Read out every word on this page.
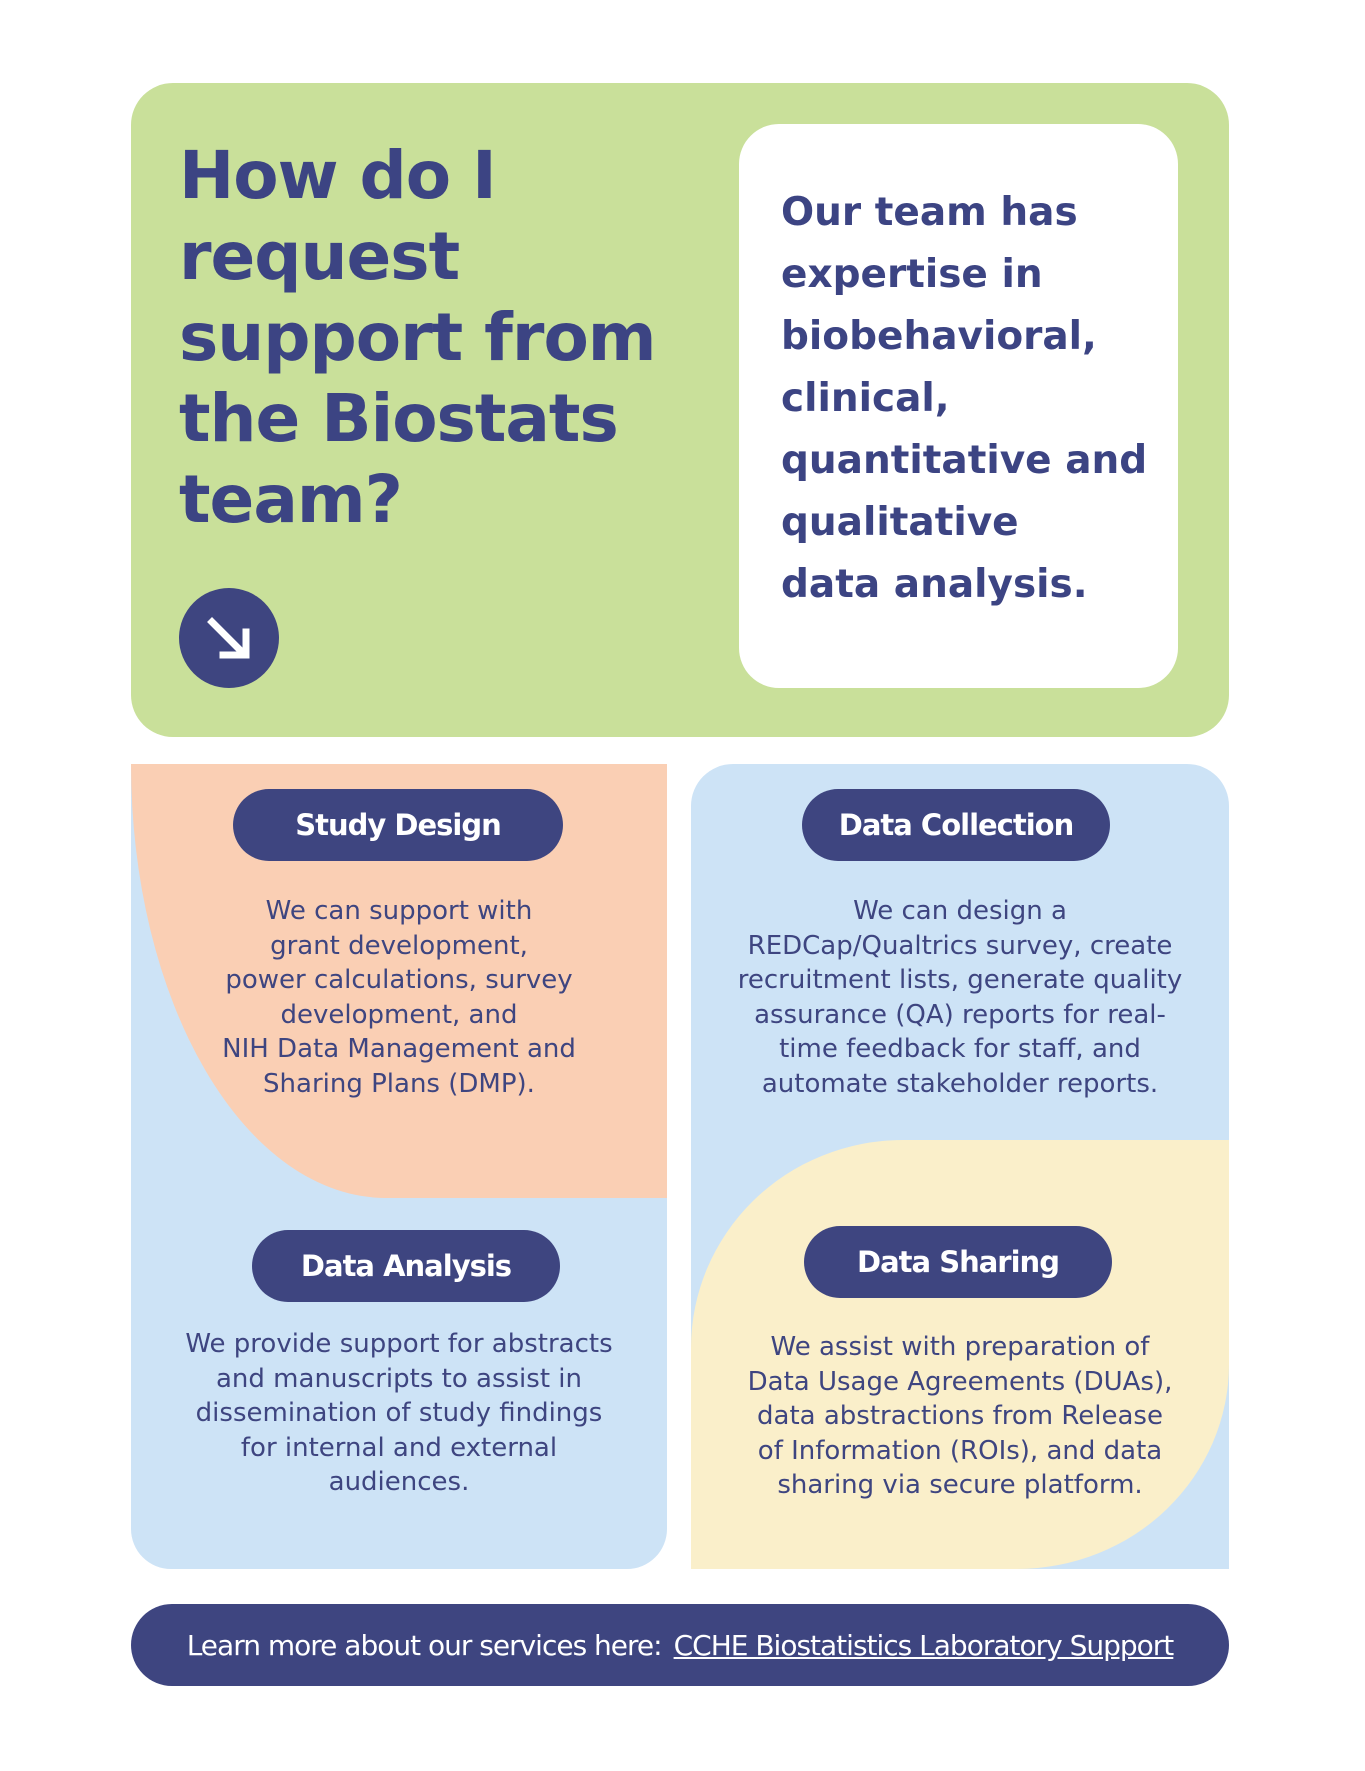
How do I
request
support from
the Biostats
team?

Our team has
expertise in
biobehavioral,
clinical,
quantitative and
qualitative
data analysis.

Study Design

We can support with
grant development,
power calculations, survey
development, and
NIH Data Management and
Sharing Plans (DMP).

Data Analysis

We provide support for abstracts
and manuscripts to assist in
dissemination of study findings
for internal and external
audiences.

Data Collection

We can design a
REDCap/Qualtrics survey, create
recruitment lists, generate quality
assurance (QA) reports for real-
time feedback for staff, and
automate stakeholder reports.

Data Sharing

We assist with preparation of
Data Usage Agreements (DUAs),
data abstractions from Release
of Information (ROIs), and data
sharing via secure platform.

Learn more about our services here: CCHE Biostatistics Laboratory Support
